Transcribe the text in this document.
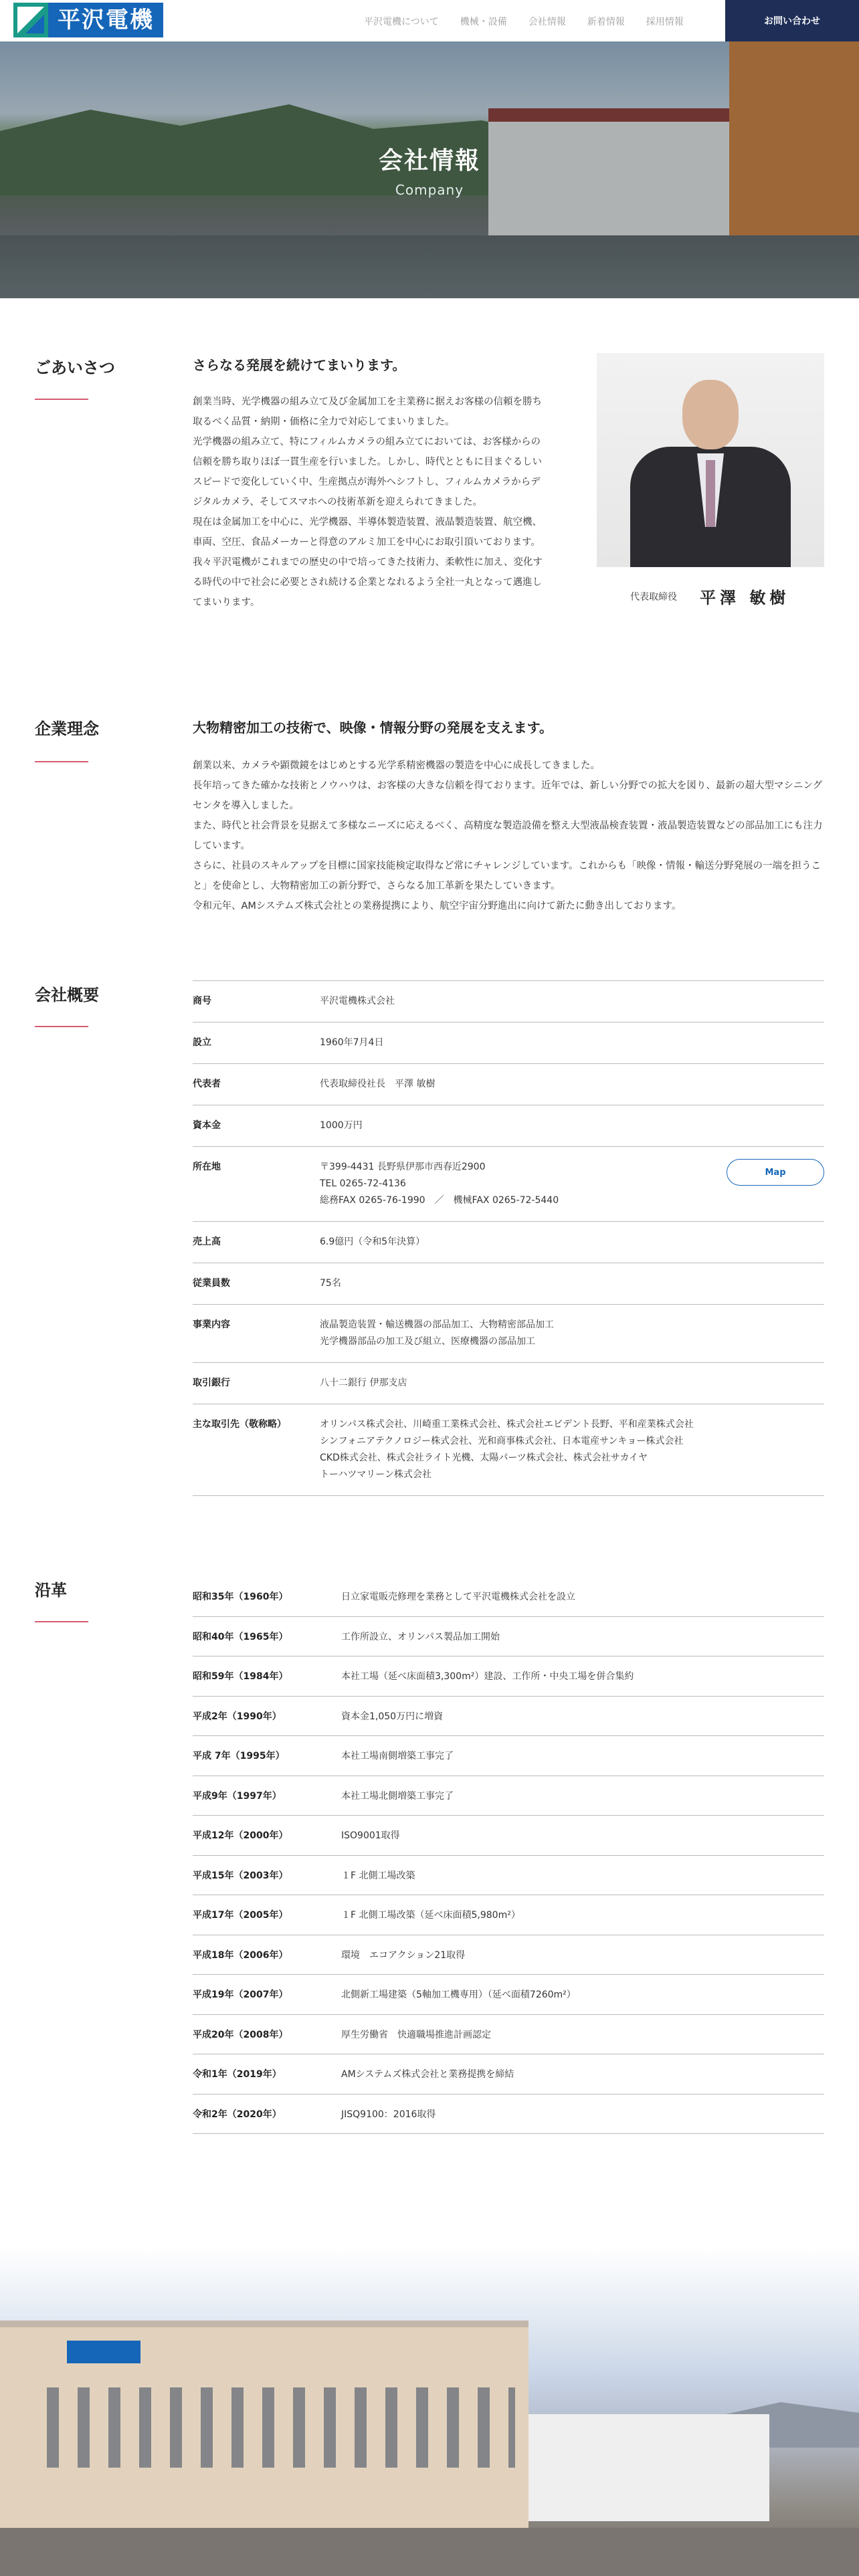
平沢電機	平沢電機について 機械・設備 会社情報 新着情報 採用情報	お問い合わせ
会社情報
Company
ごあいさつ	さらなる発展を続けてまいります。

創業当時、光学機器の組み立て及び金属加工を主業務に据えお客様の信頼を勝ち取るべく品質・納期・価格に全力で対応してまいりました。

光学機器の組み立て、特にフィルムカメラの組み立てにおいては、お客様からの信頼を勝ち取りほぼ一貫生産を行いました。しかし、時代とともに目まぐるしいスピードで変化していく中、生産拠点が海外へシフトし、フィルムカメラからデジタルカメラ、そしてスマホへの技術革新を迎えられてきました。

現在は金属加工を中心に、光学機器、半導体製造装置、液晶製造装置、航空機、車両、空圧、食品メーカーと得意のアルミ加工を中心にお取引頂いております。

我々平沢電機がこれまでの歴史の中で培ってきた技術力、柔軟性に加え、変化する時代の中で社会に必要とされ続ける企業となれるよう全社一丸となって邁進してまいります。	代表取締役 平澤 敏樹
企業理念	大物精密加工の技術で、映像・情報分野の発展を支えます。

創業以来、カメラや顕微鏡をはじめとする光学系精密機器の製造を中心に成長してきました。

長年培ってきた確かな技術とノウハウは、お客様の大きな信頼を得ております。近年では、新しい分野での拡大を図り、最新の超大型マシニングセンタを導入しました。

また、時代と社会背景を見据えて多様なニーズに応えるべく、高精度な製造設備を整え大型液晶検査装置・液晶製造装置などの部品加工にも注力しています。

さらに、社員のスキルアップを目標に国家技能検定取得など常にチャレンジしています。これからも「映像・情報・輸送分野発展の一端を担うこと」を使命とし、大物精密加工の新分野で、さらなる加工革新を果たしていきます。

令和元年、AMシステムズ株式会社との業務提携により、航空宇宙分野進出に向けて新たに動き出しております。

会社概要	商号	平沢電機株式会社
設立	1960年7月4日
代表者	代表取締役社長　平澤 敏樹
資本金	1000万円
所在地	〒399-4431 長野県伊那市西春近2900
TEL 0265-72-4136
総務FAX 0265-76-1990　／　機械FAX 0265-72-5440
Map
売上高	6.9億円（令和5年決算）
従業員数	75名
事業内容	液晶製造装置・輸送機器の部品加工、大物精密部品加工
光学機器部品の加工及び組立、医療機器の部品加工
取引銀行	八十二銀行 伊那支店
主な取引先（敬称略）	オリンパス株式会社、川崎重工業株式会社、株式会社エビデント長野、平和産業株式会社
シンフォニアテクノロジー株式会社、光和商事株式会社、日本電産サンキョー株式会社
CKD株式会社、株式会社ライト光機、太陽パーツ株式会社、株式会社サカイヤ
トーハツマリーン株式会社
沿革	昭和35年（1960年）	日立家電販売修理を業務として平沢電機株式会社を設立
昭和40年（1965年）	工作所設立、オリンパス製品加工開始
昭和59年（1984年）	本社工場（延べ床面積3,300m²）建設、工作所・中央工場を併合集約
平成2年（1990年）	資本金1,050万円に増資
平成 7年（1995年）	本社工場南側増築工事完了
平成9年（1997年）	本社工場北側増築工事完了
平成12年（2000年）	ISO9001取得
平成15年（2003年）	１F 北側工場改築
平成17年（2005年）	１F 北側工場改築（延べ床面積5,980m²）
平成18年（2006年）	環境　エコアクション21取得
平成19年（2007年）	北側新工場建築（5軸加工機専用）（延べ面積7260m²）
平成20年（2008年）	厚生労働省　快適職場推進計画認定
令和1年（2019年）	AMシステムズ株式会社と業務提携を締結
令和2年（2020年）	JISQ9100：2016取得
